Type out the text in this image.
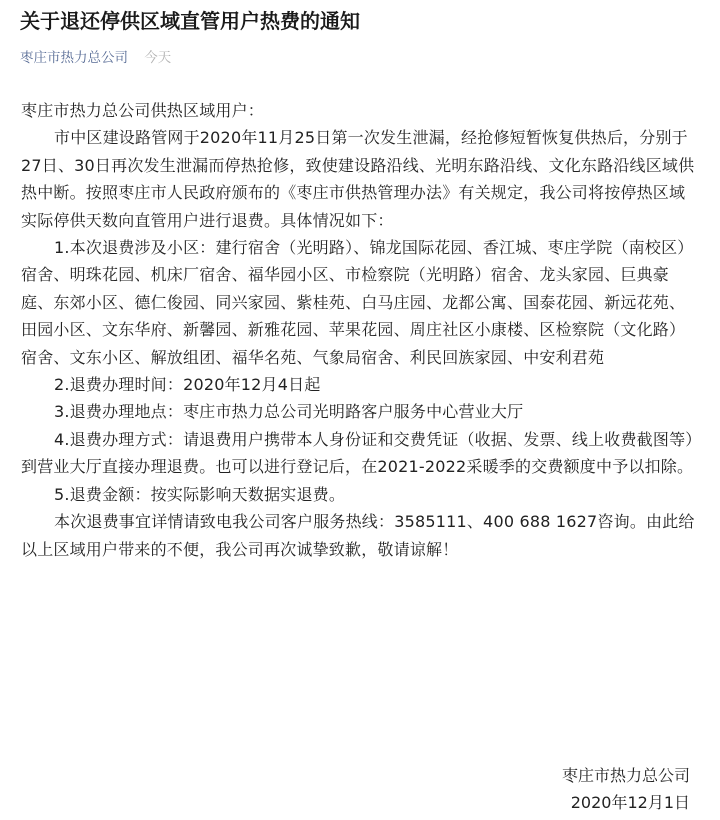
关于退还停供区域直管用户热费的通知
枣庄市热力总公司 今天

枣庄市热力总公司供热区域用户：

市中区建设路管网于2020年11月25日第一次发生泄漏，经抢修短暂恢复供热后，分别于27日、30日再次发生泄漏而停热抢修，致使建设路沿线、光明东路沿线、文化东路沿线区域供热中断。按照枣庄市人民政府颁布的《枣庄市供热管理办法》有关规定，我公司将按停热区域实际停供天数向直管用户进行退费。具体情况如下：

1.本次退费涉及小区：建行宿舍（光明路）、锦龙国际花园、香江城、枣庄学院（南校区）宿舍、明珠花园、机床厂宿舍、福华园小区、市检察院（光明路）宿舍、龙头家园、巨典豪庭、东郊小区、德仁俊园、同兴家园、紫桂苑、白马庄园、龙都公寓、国泰花园、新远花苑、田园小区、文东华府、新馨园、新雅花园、苹果花园、周庄社区小康楼、区检察院（文化路）宿舍、文东小区、解放组团、福华名苑、气象局宿舍、利民回族家园、中安利君苑

2.退费办理时间：2020年12月4日起

3.退费办理地点：枣庄市热力总公司光明路客户服务中心营业大厅

4.退费办理方式：请退费用户携带本人身份证和交费凭证（收据、发票、线上收费截图等）到营业大厅直接办理退费。也可以进行登记后，在2021-2022采暖季的交费额度中予以扣除。

5.退费金额：按实际影响天数据实退费。

本次退费事宜详情请致电我公司客户服务热线：3585111、400 688 1627咨询。由此给以上区域用户带来的不便，我公司再次诚挚致歉，敬请谅解！

枣庄市热力总公司
2020年12月1日
